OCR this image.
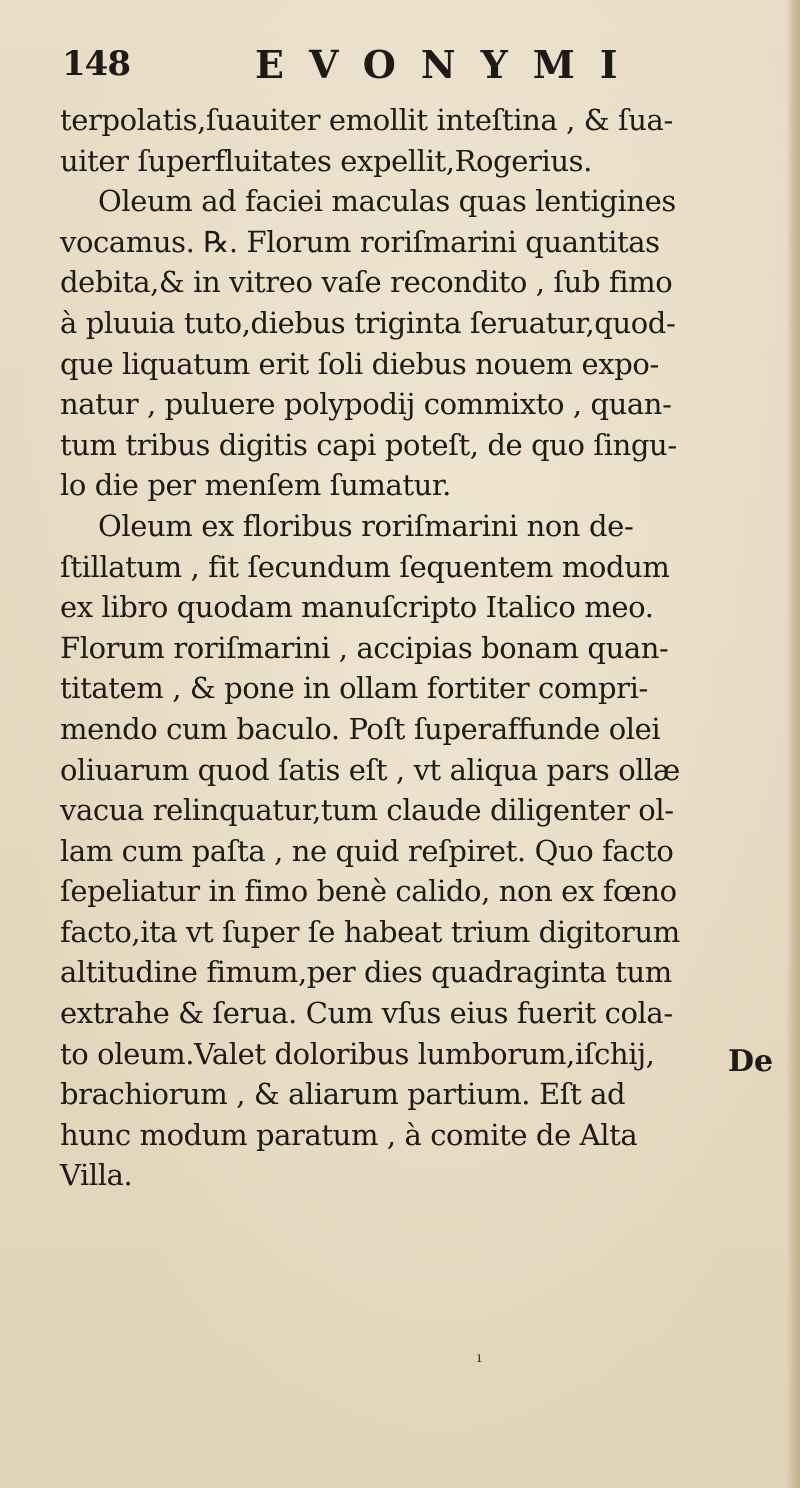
148	EVONYMI
terpolatis,ſuauiter emollit inteſtina , & ſua-
uiter ſuperfluitates expellit,Rogerius.
Oleum ad faciei maculas quas lentigines
vocamus. ℞. Florum roriſmarini quantitas
debita,& in vitreo vaſe recondito , ſub fimo
à pluuia tuto,diebus triginta ſeruatur,quod-
que liquatum erit ſoli diebus nouem expo-
natur , puluere polypodij commixto , quan-
tum tribus digitis capi poteſt, de quo ſingu-
lo die per menſem ſumatur.
Oleum ex floribus roriſmarini non de-
ſtillatum , fit ſecundum ſequentem modum
ex libro quodam manuſcripto Italico meo.
Florum roriſmarini , accipias bonam quan-
titatem , & pone in ollam fortiter compri-
mendo cum baculo. Poſt ſuperaffunde olei
oliuarum quod ſatis eſt , vt aliqua pars ollæ
vacua relinquatur,tum claude diligenter ol-
lam cum paſta , ne quid reſpiret. Quo facto
ſepeliatur in fimo benè calido, non ex fœno
facto,ita vt ſuper ſe habeat trium digitorum
altitudine fimum,per dies quadraginta tum
extrahe & ſerua. Cum vſus eius fuerit cola-
to oleum.Valet doloribus lumborum,iſchij,
brachiorum , & aliarum partium. Eſt ad
hunc modum paratum , à comite de Alta
Villa.
De
ı
